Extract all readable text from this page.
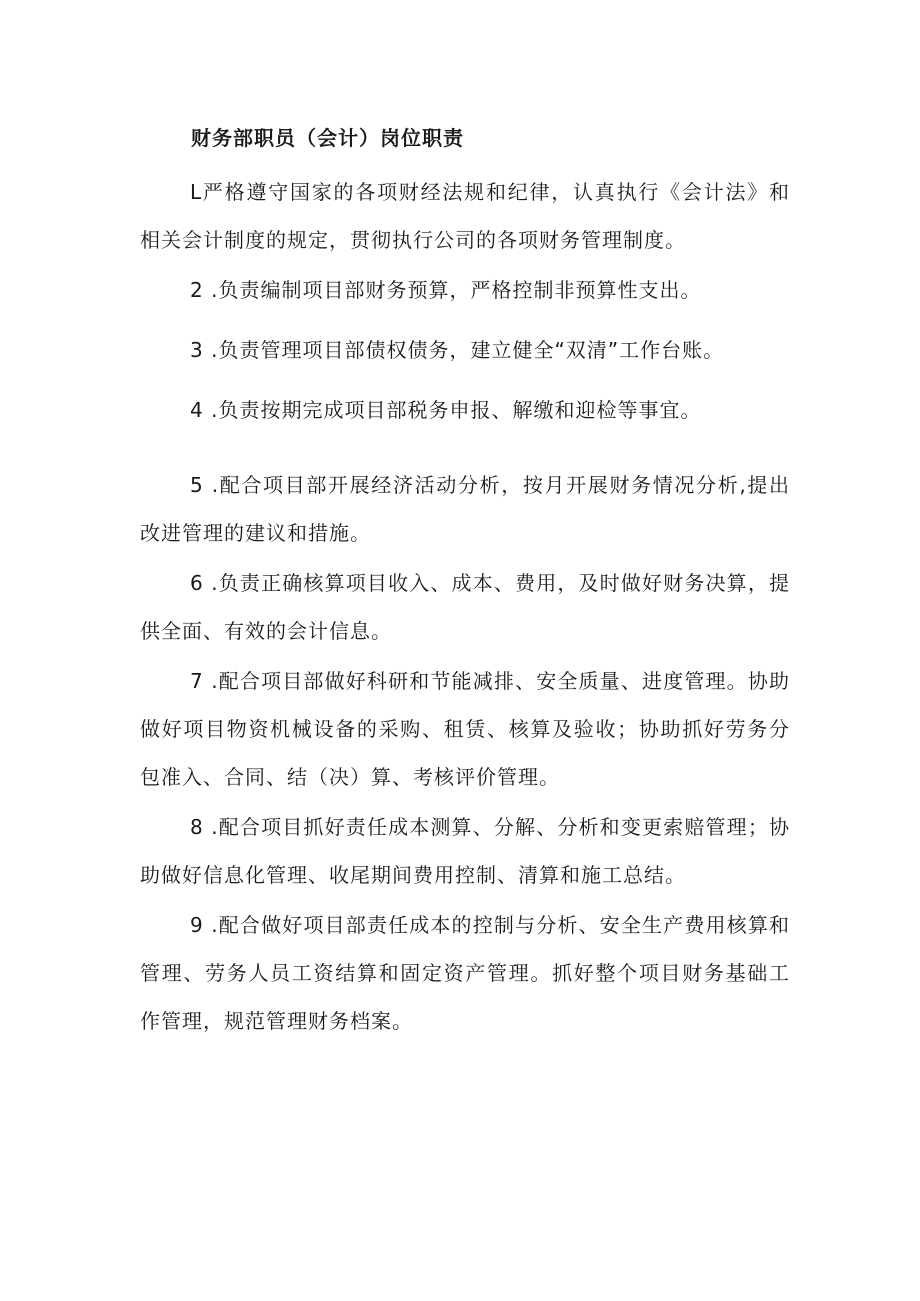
财务部职员（会计）岗位职责

L严格遵守国家的各项财经法规和纪律，认真执行《会计法》和相关会计制度的规定，贯彻执行公司的各项财务管理制度。

2 .负责编制项目部财务预算，严格控制非预算性支出。

3 .负责管理项目部债权债务，建立健全“双清”工作台账。

4 .负责按期完成项目部税务申报、解缴和迎检等事宜。

5 .配合项目部开展经济活动分析，按月开展财务情况分析,提出改进管理的建议和措施。

6 .负责正确核算项目收入、成本、费用，及时做好财务决算，提供全面、有效的会计信息。

7 .配合项目部做好科研和节能减排、安全质量、进度管理。协助做好项目物资机械设备的采购、租赁、核算及验收；协助抓好劳务分包准入、合同、结（决）算、考核评价管理。

8 .配合项目抓好责任成本测算、分解、分析和变更索赔管理；协助做好信息化管理、收尾期间费用控制、清算和施工总结。

9 .配合做好项目部责任成本的控制与分析、安全生产费用核算和管理、劳务人员工资结算和固定资产管理。抓好整个项目财务基础工作管理，规范管理财务档案。
